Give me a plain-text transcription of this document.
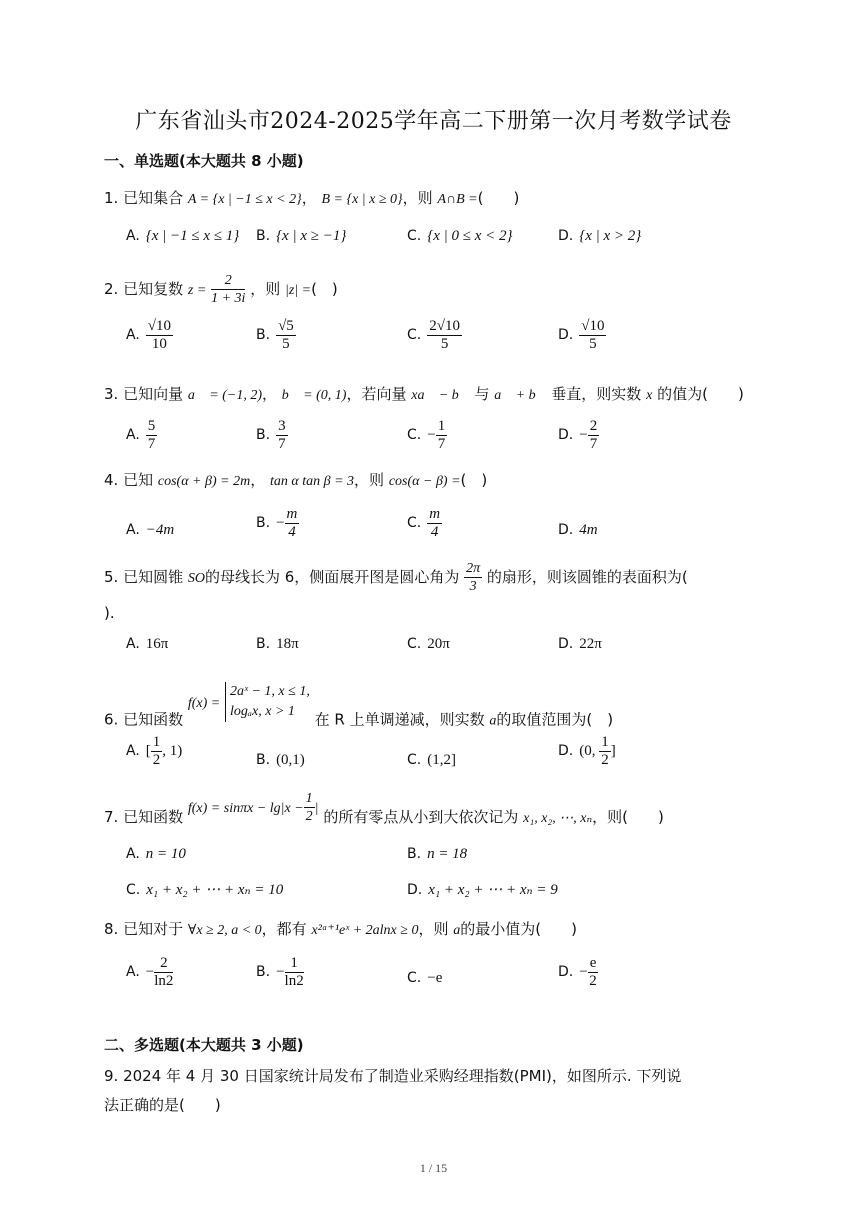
广东省汕头市2024-2025学年高二下册第一次月考数学试卷
一、单选题(本大题共 8 小题)
1. 已知集合 A = {x | −1 ≤ x < 2}， B = {x | x ≥ 0}，则 A∩B =(　　)
A. {x | −1 ≤ x ≤ 1} B. {x | x ≥ −1}	C. {x | 0 ≤ x < 2}	D. {x | x > 2}
2. 已知复数 $z = \frac{2}{1 + 3i}$ ，则 |z| =(　)
A. $\frac{√10}{10}$	B. $\frac{√5}{5}$	C. $\frac{2√10}{5}$	D. $\frac{√10}{5}$
3. 已知向量 a⃗ = (−1, 2)， b⃗ = (0, 1)，若向量 xa⃗ − b⃗ 与 a⃗ + b⃗ 垂直，则实数 x 的值为(　　)
A. $\frac{5}{7}$	B. $\frac{3}{7}$	C. − $\frac{1}{7}$	D. − $\frac{2}{7}$
4. 已知 cos(α + β) = 2m， tan α tan β = 3，则 cos(α − β) =(　)
A. −4m	B. − $\frac{m}{4}$	C. $\frac{m}{4}$	D. 4m
5. 已知圆锥 SO的母线长为 6，侧面展开图是圆心角为 $\frac{2\pi}{3}$ 的扇形，则该圆锥的表面积为(
).
A. 16π	B. 18π	C. 20π	D. 22π
6. 已知函数 f(x) =
2aˣ − 1, x ≤ 1,
logₐx, x > 1	在 R 上单调递减，则实数 a的取值范围为(　)
A. [ $\frac{1}{2}$ , 1)
B. (0,1)	C. (1,2]
D. (0, $\frac{1}{2}$ ]
7. 已知函数 $f(x) = \sin\pi x - \lg|x - \frac{1}{2}$ | 的所有零点从小到大依次记为 x₁, x₂, ⋯, xₙ，则(　　)
A. n = 10	B. n = 18
C. x₁ + x₂ + ⋯ + xₙ = 10	D. x₁ + x₂ + ⋯ + xₙ = 9
8. 已知对于 ∀x ≥ 2, a < 0，都有 x²ᵃ⁺¹eˣ + 2alnx ≥ 0，则 a的最小值为(　　)
A. − $\frac{2}{\ln 2}$	B. − $\frac{1}{\ln 2}$	C. −e	D. − $\frac{e}{2}$
二、多选题(本大题共 3 小题)
9. 2024 年 4 月 30 日国家统计局发布了制造业采购经理指数(PMI)，如图所示. 下列说
法正确的是(　　)
1 / 15
